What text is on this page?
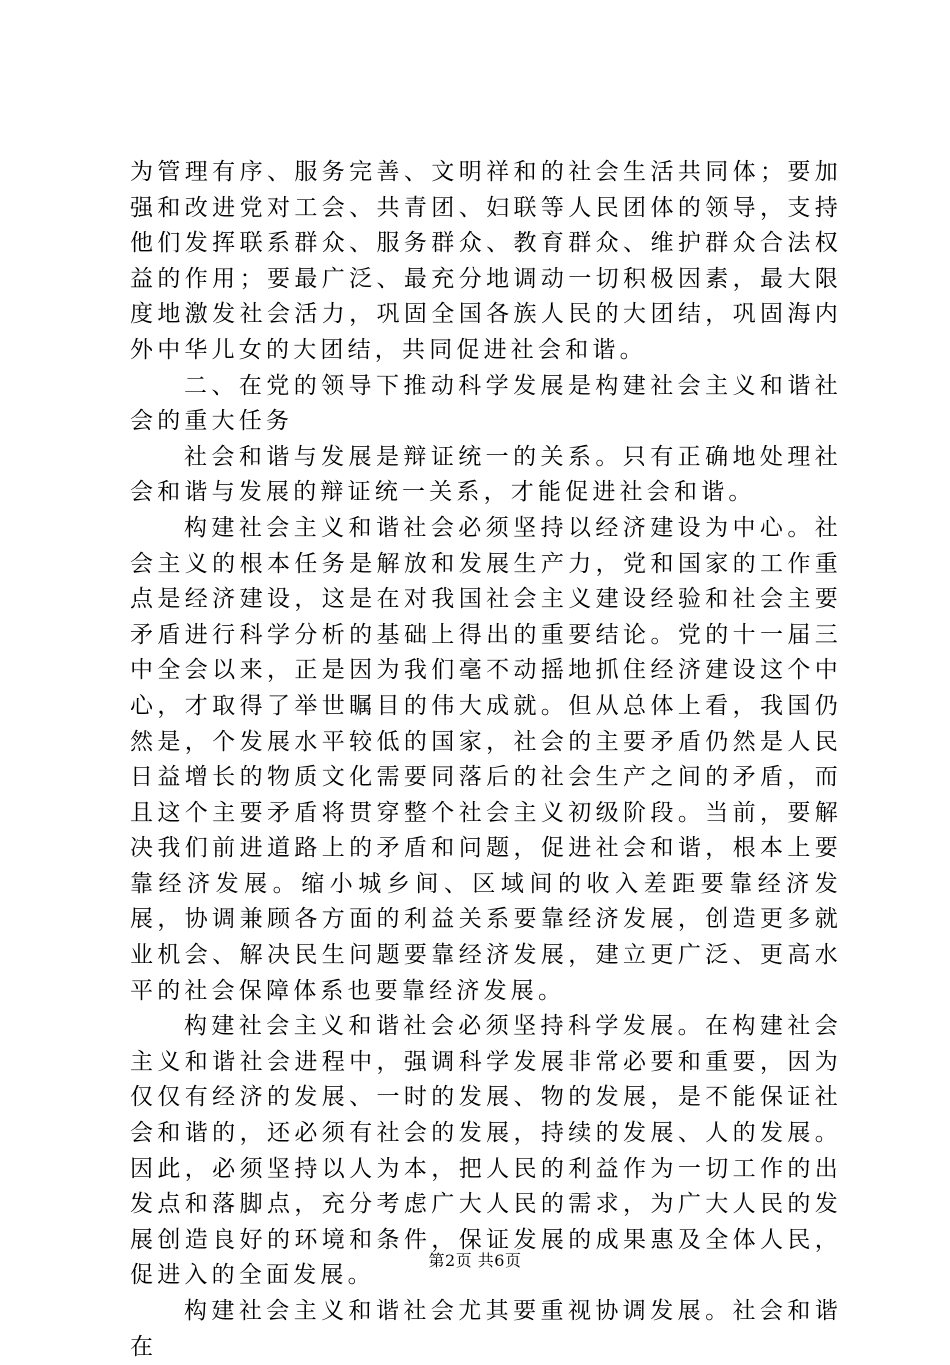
为管理有序、服务完善、文明祥和的社会生活共同体；要加强和改进党对工会、共青团、妇联等人民团体的领导，支持他们发挥联系群众、服务群众、教育群众、维护群众合法权益的作用；要最广泛、最充分地调动一切积极因素，最大限度地激发社会活力，巩固全国各族人民的大团结，巩固海内外中华儿女的大团结，共同促进社会和谐。

二、在党的领导下推动科学发展是构建社会主义和谐社会的重大任务

社会和谐与发展是辩证统一的关系。只有正确地处理社会和谐与发展的辩证统一关系，才能促进社会和谐。

构建社会主义和谐社会必须坚持以经济建设为中心。社会主义的根本任务是解放和发展生产力，党和国家的工作重点是经济建设，这是在对我国社会主义建设经验和社会主要矛盾进行科学分析的基础上得出的重要结论。党的十一届三中全会以来，正是因为我们毫不动摇地抓住经济建设这个中心，才取得了举世瞩目的伟大成就。但从总体上看，我国仍然是，个发展水平较低的国家，社会的主要矛盾仍然是人民日益增长的物质文化需要同落后的社会生产之间的矛盾，而且这个主要矛盾将贯穿整个社会主义初级阶段。当前，要解决我们前进道路上的矛盾和问题，促进社会和谐，根本上要靠经济发展。缩小城乡间、区域间的收入差距要靠经济发展，协调兼顾各方面的利益关系要靠经济发展，创造更多就业机会、解决民生问题要靠经济发展，建立更广泛、更高水平的社会保障体系也要靠经济发展。

构建社会主义和谐社会必须坚持科学发展。在构建社会主义和谐社会进程中，强调科学发展非常必要和重要，因为仅仅有经济的发展、一时的发展、物的发展，是不能保证社会和谐的，还必须有社会的发展，持续的发展、人的发展。因此，必须坚持以人为本，把人民的利益作为一切工作的出发点和落脚点，充分考虑广大人民的需求，为广大人民的发展创造良好的环境和条件，保证发展的成果惠及全体人民，促进入的全面发展。

构建社会主义和谐社会尤其要重视协调发展。社会和谐在

第2页 共6页
